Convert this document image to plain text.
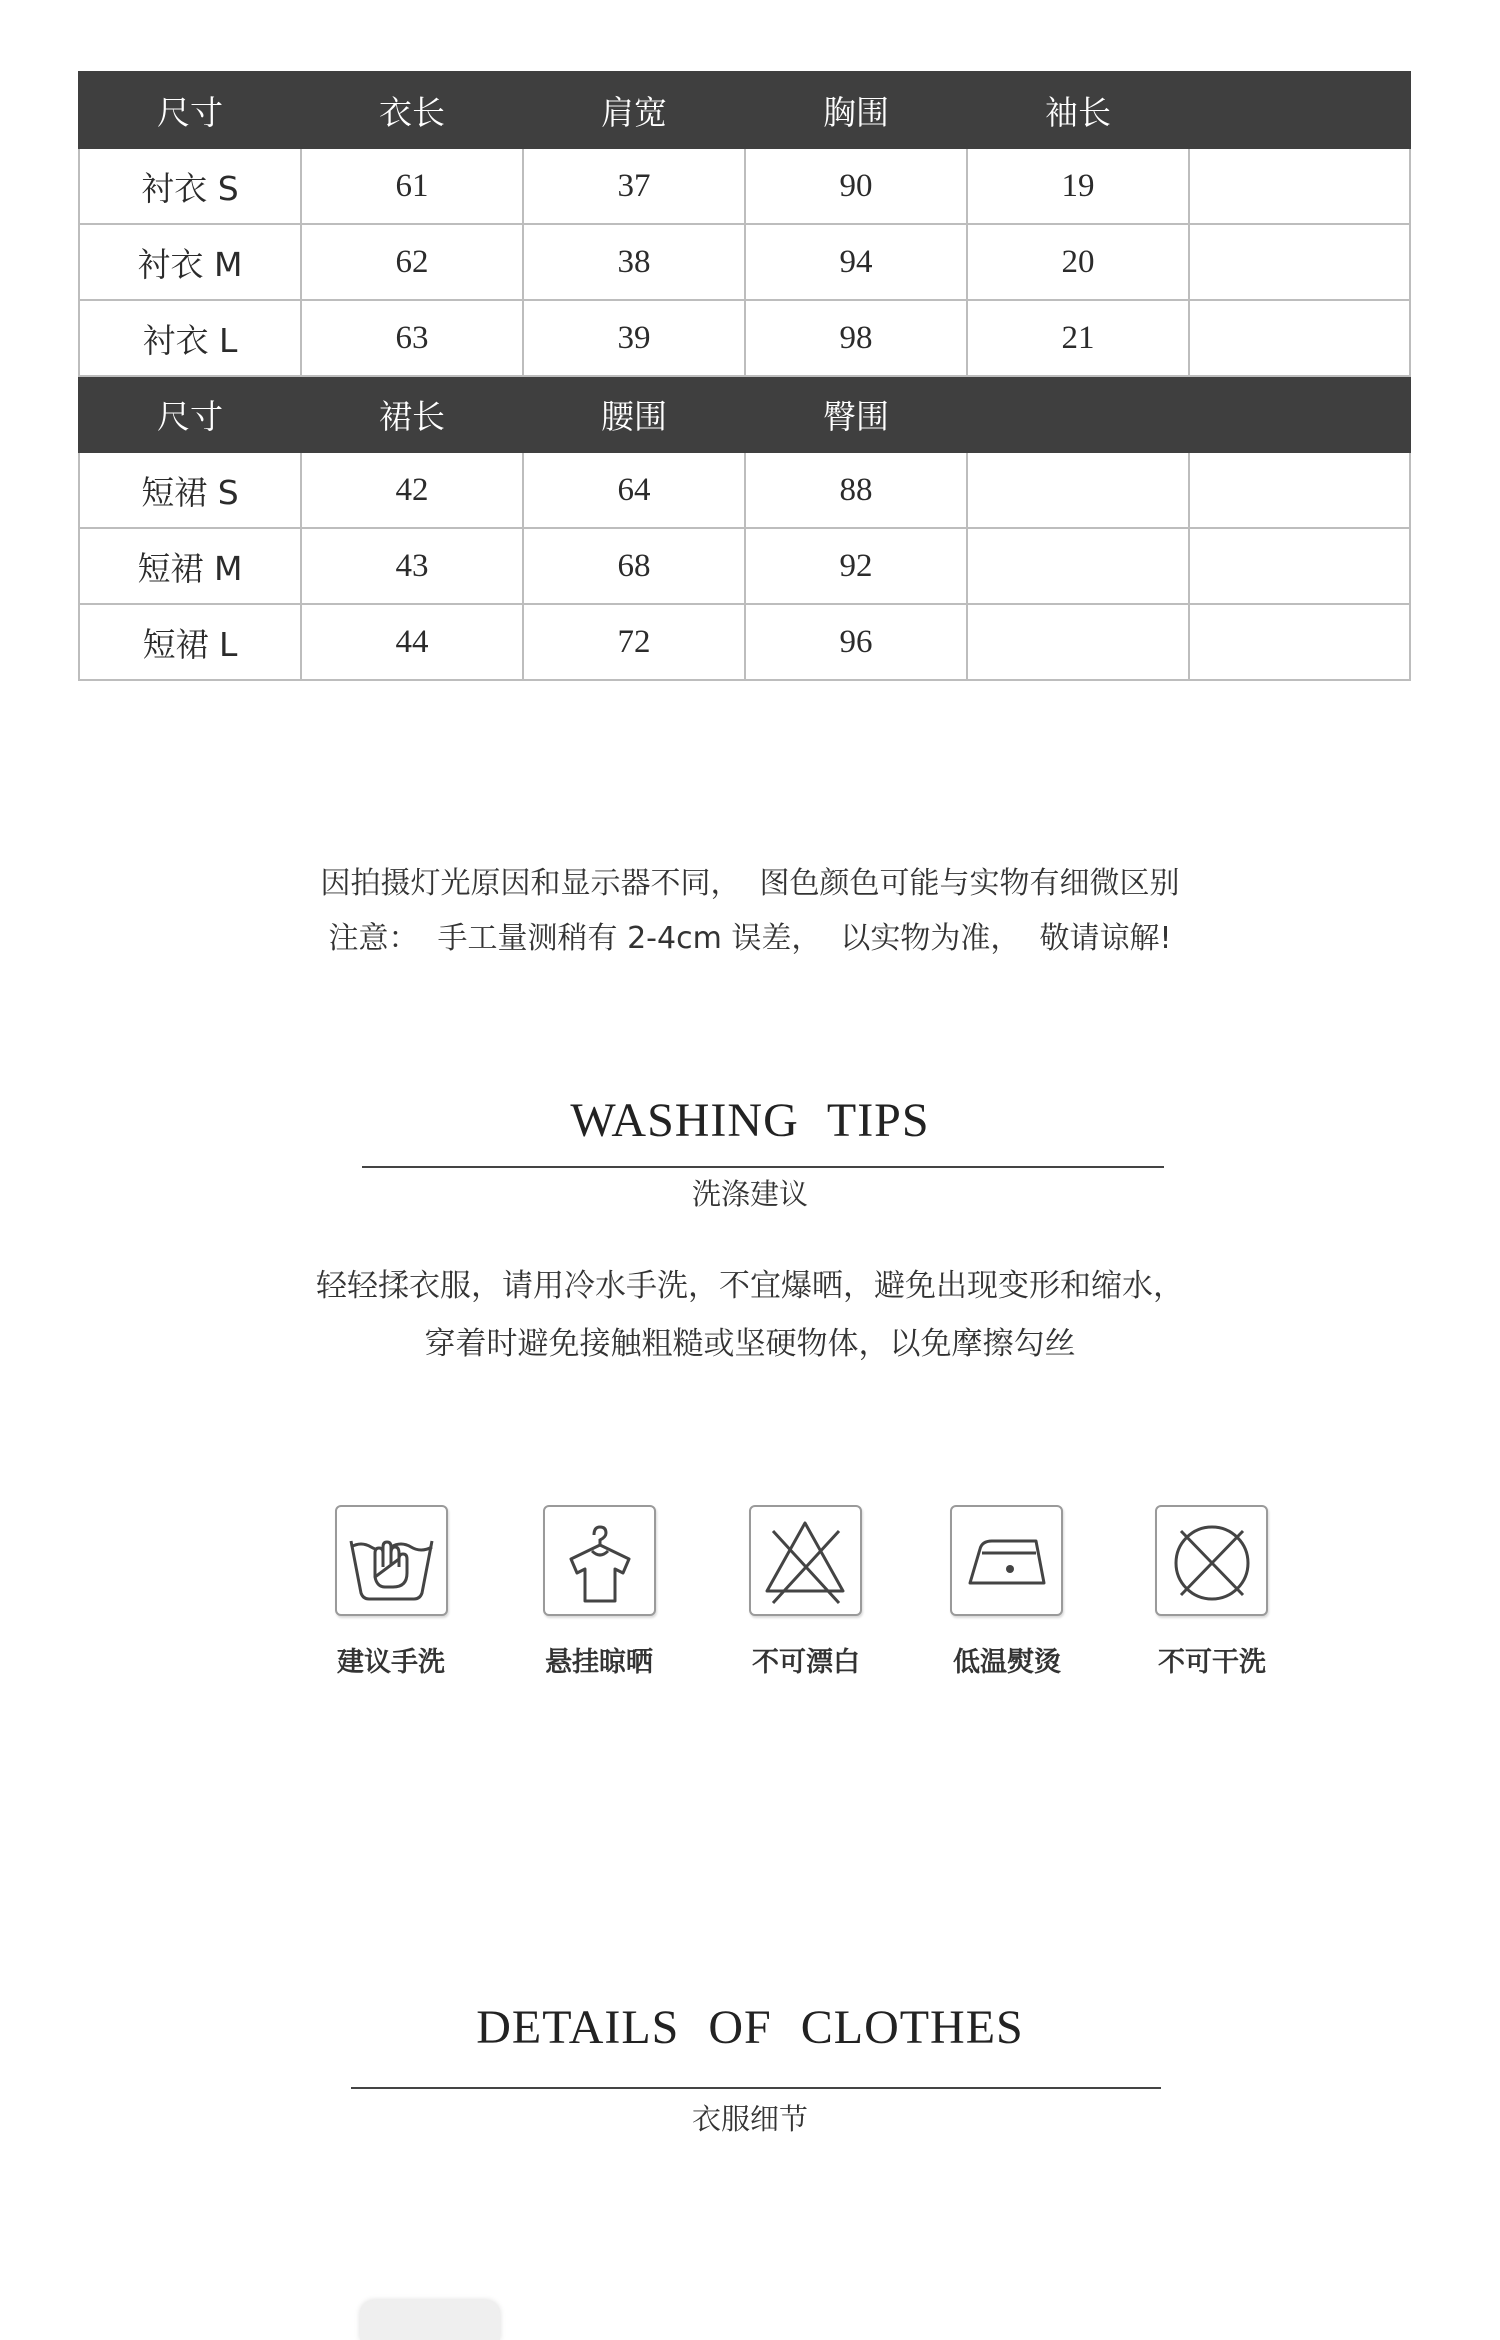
尺寸	衣长	肩宽	胸围	袖长	
衬衣 S	61	37	90	19	
衬衣 M	62	38	94	20	
衬衣 L	63	39	98	21	
尺寸	裙长	腰围	臀围		
短裙 S	42	64	88		
短裙 M	43	68	92		
短裙 L	44	72	96		
因拍摄灯光原因和显示器不同，  图色颜色可能与实物有细微区别
注意：  手工量测稍有 2-4cm 误差，  以实物为准，  敬请谅解!
WASHING TIPS
洗涤建议
轻轻揉衣服，请用冷水手洗，不宜爆晒，避免出现变形和缩水，
穿着时避免接触粗糙或坚硬物体，以免摩擦勾丝
建议手洗	悬挂晾晒	不可漂白	低温熨烫	不可干洗
DETAILS OF CLOTHES
衣服细节
